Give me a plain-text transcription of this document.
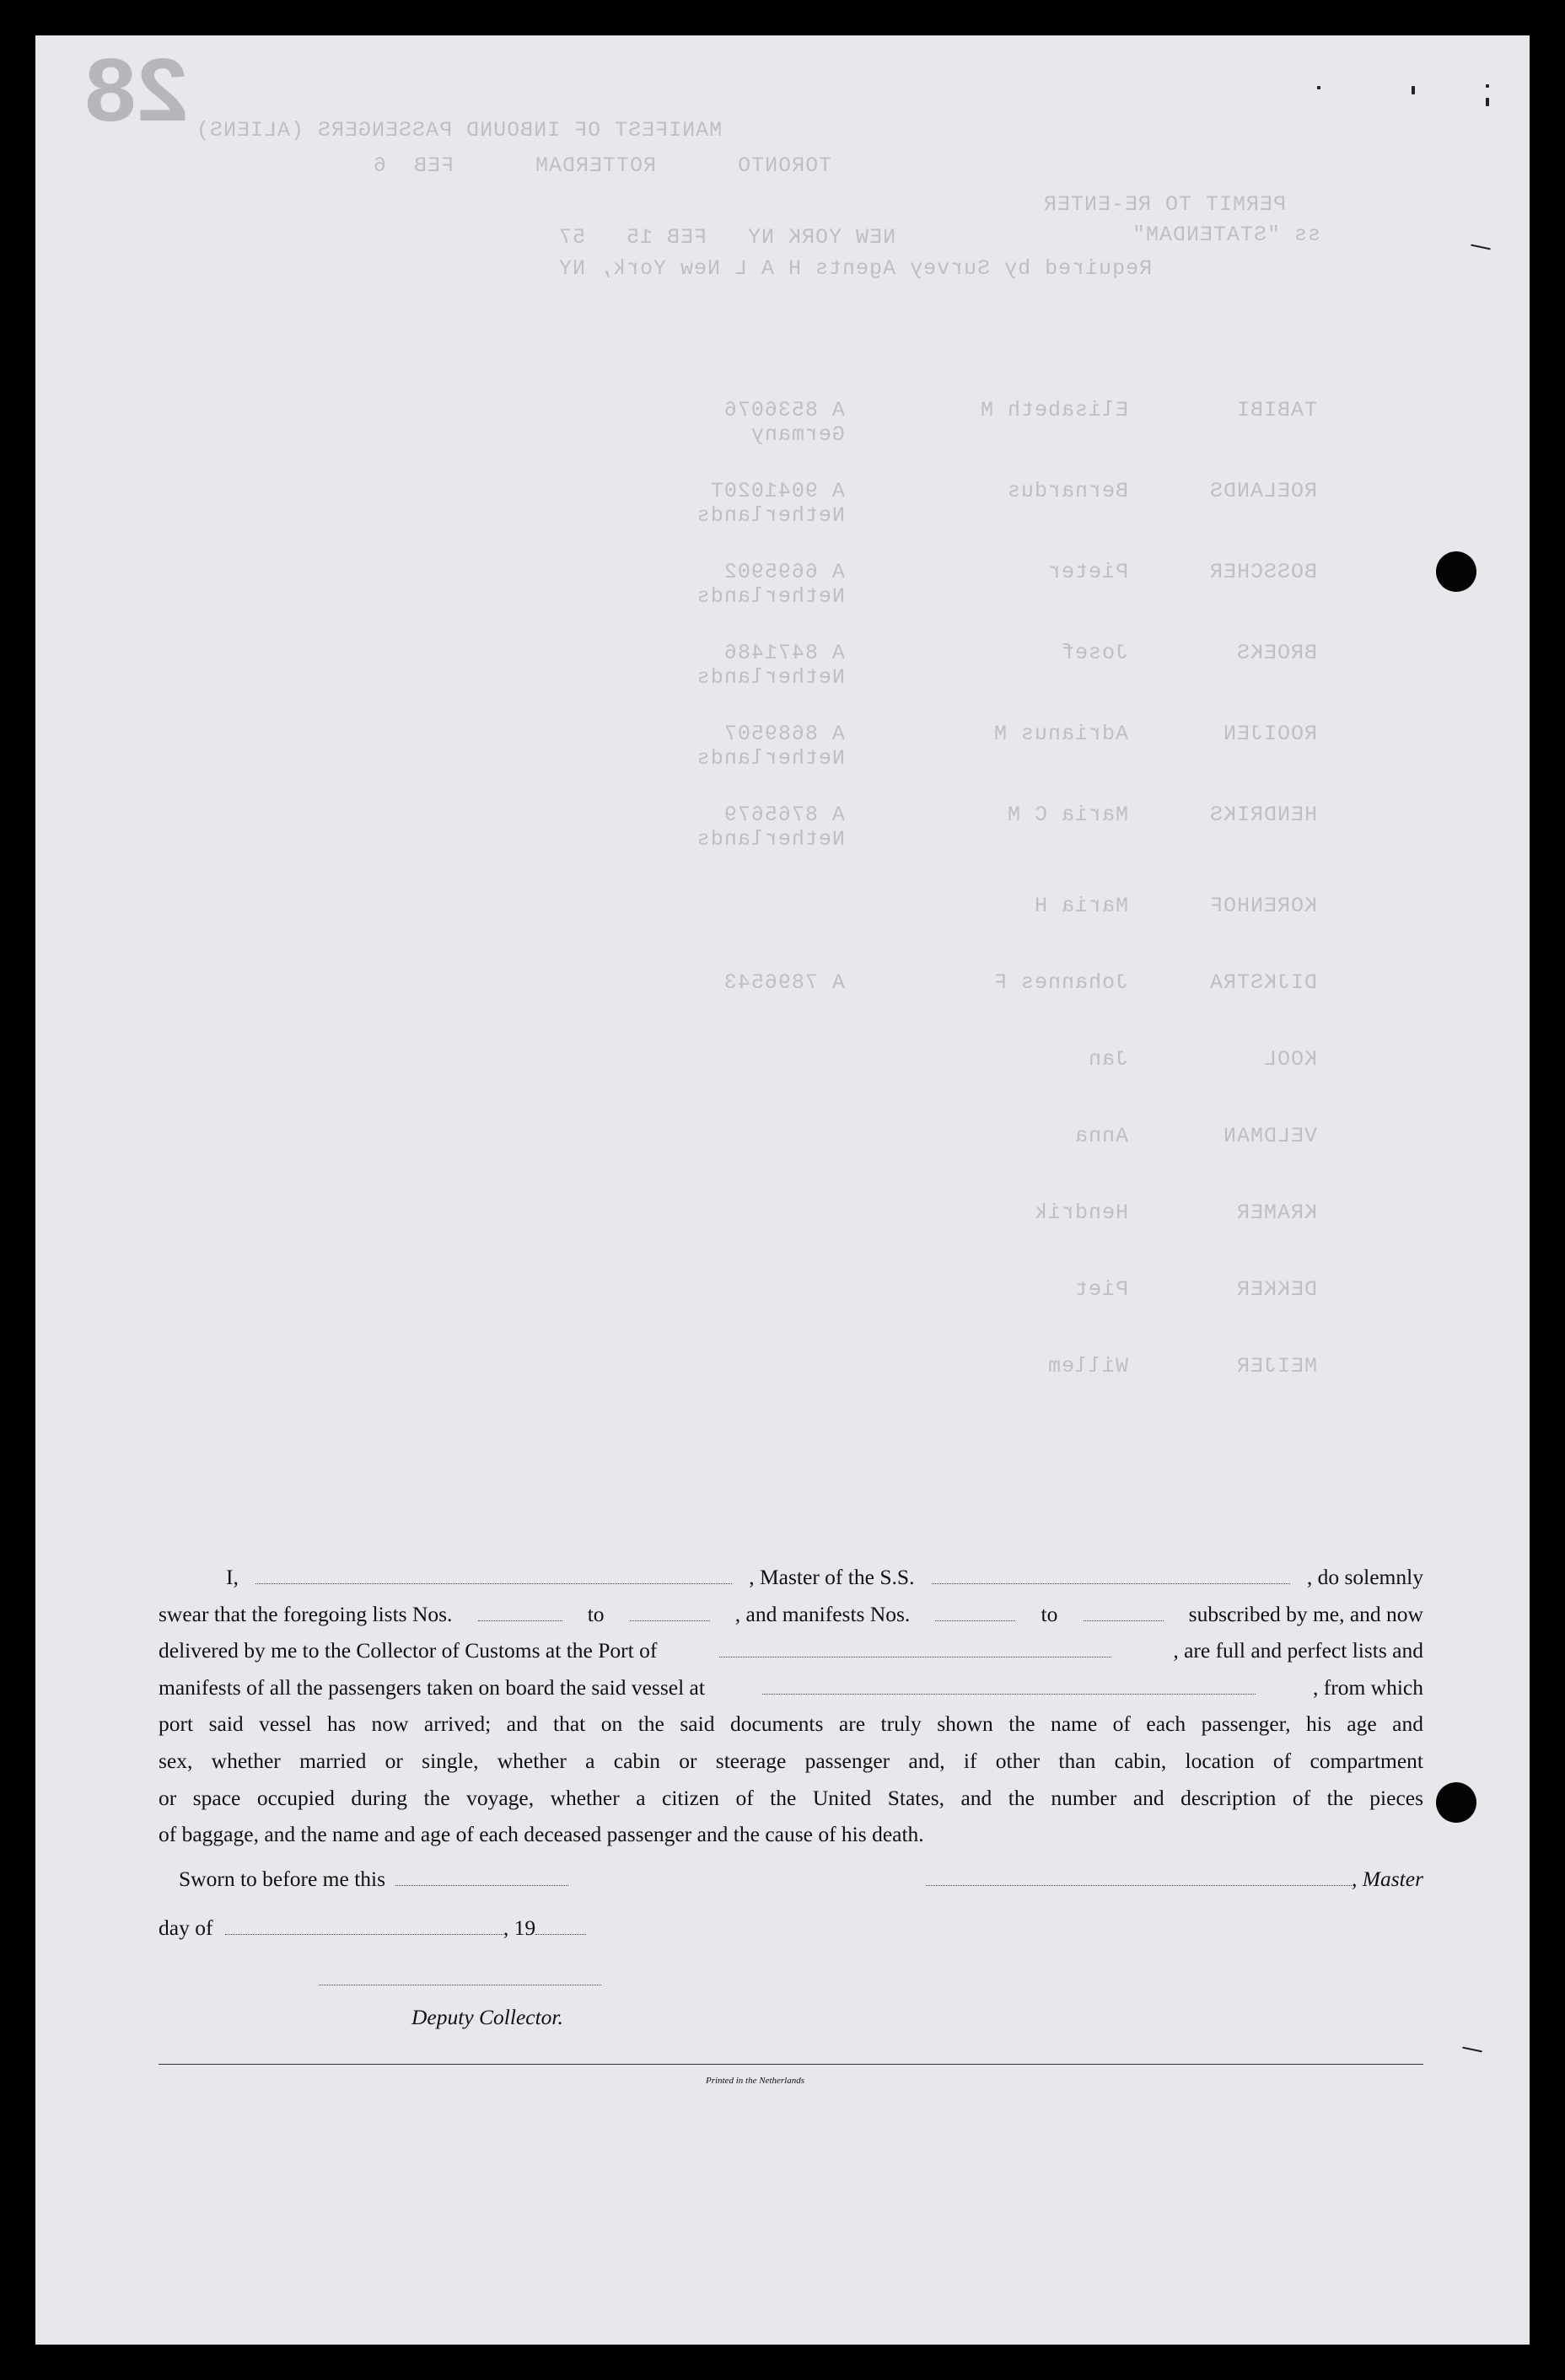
28 MANIFEST OF INBOUND PASSENGERS (ALIENS)
TORONTO      ROTTERDAM      FEB  6
PERMIT TO RE-ENTER
ss "STATENDAM"
NEW YORK NY   FEB 15   57
Required by Survey Agents H A L New York, NY
TABIBI        Elisabeth M          A 8536076
Germany
ROELANDS      Bernardus            A 9041020T
Netherlands
BOSSCHER      Pieter               A 6695902
Netherlands
BROEKS        Josef                A 8471486
Netherlands
ROOIJEN       Adrianus M           A 8689507
Netherlands
HENDRIKS      Maria C M            A 8765679
Netherlands
KORENHOF      Maria H
DIJKSTRA      Johannes F           A 7896543
KOOL          Jan
VELDMAN       Anna
KRAMER        Hendrik
DEKKER        Piet
MEIJER        Willem
I,	, Master of the S.S.	, do solemnly
swear that the foregoing lists Nos.	to	, and manifests Nos.	to	subscribed by me, and now
delivered by me to the Collector of Customs at the Port of	, are full and perfect lists and
manifests of all the passengers taken on board the said vessel at	, from which
port said vessel has now arrived; and that on the said documents are truly shown the name of each passenger, his age and
sex, whether married or single, whether a cabin or steerage passenger and, if other than cabin, location of compartment
or space occupied during the voyage, whether a citizen of the United States, and the number and description of the pieces
of baggage, and the name and age of each deceased passenger and the cause of his death.
Sworn to before me this	, Master
day of	, 19
Deputy Collector.
Printed in the Netherlands
